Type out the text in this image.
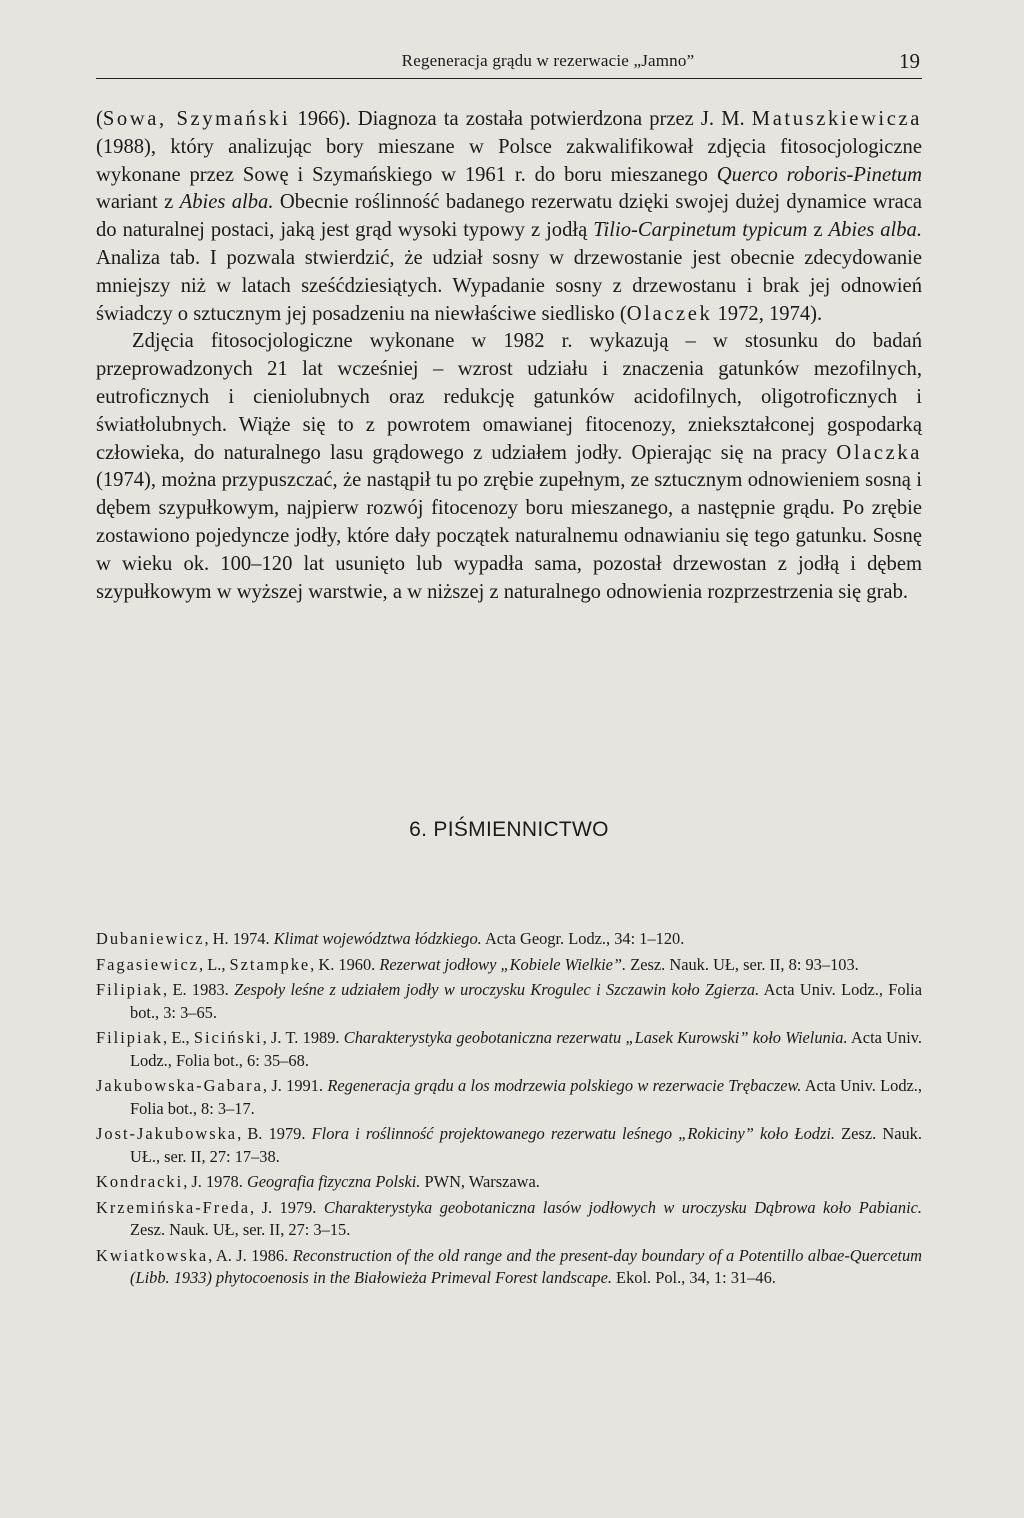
Regeneracja grądu w rezerwacie „Jamno”	19

(Sowa, Szymański 1966). Diagnoza ta została potwierdzona przez J. M. Matuszkiewicza (1988), który analizując bory mieszane w Polsce zakwalifikował zdjęcia fitosocjologiczne wykonane przez Sowę i Szymańskiego w 1961 r. do boru mieszanego Querco roboris-Pinetum wariant z Abies alba. Obecnie roślinność badanego rezerwatu dzięki swojej dużej dynamice wraca do naturalnej postaci, jaką jest grąd wysoki typowy z jodłą Tilio-Carpinetum typicum z Abies alba. Analiza tab. I pozwala stwierdzić, że udział sosny w drzewostanie jest obecnie zdecydowanie mniejszy niż w latach sześćdziesiątych. Wypadanie sosny z drzewostanu i brak jej odnowień świadczy o sztucznym jej posadzeniu na niewłaściwe siedlisko (Olaczek 1972, 1974).

Zdjęcia fitosocjologiczne wykonane w 1982 r. wykazują – w stosunku do badań przeprowadzonych 21 lat wcześniej – wzrost udziału i znaczenia gatunków mezofilnych, eutroficznych i cieniolubnych oraz redukcję gatunków acidofilnych, oligotroficznych i światłolubnych. Wiąże się to z powrotem omawianej fitocenozy, zniekształconej gospodarką człowieka, do naturalnego lasu grądowego z udziałem jodły. Opierając się na pracy Olaczka (1974), można przypuszczać, że nastąpił tu po zrębie zupełnym, ze sztucznym odnowieniem sosną i dębem szypułkowym, najpierw rozwój fitocenozy boru mieszanego, a następnie grądu. Po zrębie zostawiono pojedyncze jodły, które dały początek naturalnemu odnawianiu się tego gatunku. Sosnę w wieku ok. 100–120 lat usunięto lub wypadła sama, pozostał drzewostan z jodłą i dębem szypułkowym w wyższej warstwie, a w niższej z naturalnego odnowienia rozprzestrzenia się grab.

6. PIŚMIENNICTWO

Dubaniewicz, H. 1974. Klimat województwa łódzkiego. Acta Geogr. Lodz., 34: 1–120.

Fagasiewicz, L., Sztampke, K. 1960. Rezerwat jodłowy „Kobiele Wielkie”. Zesz. Nauk. UŁ, ser. II, 8: 93–103.

Filipiak, E. 1983. Zespoły leśne z udziałem jodły w uroczysku Krogulec i Szczawin koło Zgierza. Acta Univ. Lodz., Folia bot., 3: 3–65.

Filipiak, E., Siciński, J. T. 1989. Charakterystyka geobotaniczna rezerwatu „Lasek Kurowski” koło Wielunia. Acta Univ. Lodz., Folia bot., 6: 35–68.

Jakubowska-Gabara, J. 1991. Regeneracja grądu a los modrzewia polskiego w rezerwacie Trębaczew. Acta Univ. Lodz., Folia bot., 8: 3–17.

Jost-Jakubowska, B. 1979. Flora i roślinność projektowanego rezerwatu leśnego „Rokiciny” koło Łodzi. Zesz. Nauk. UŁ., ser. II, 27: 17–38.

Kondracki, J. 1978. Geografia fizyczna Polski. PWN, Warszawa.

Krzemińska-Freda, J. 1979. Charakterystyka geobotaniczna lasów jodłowych w uroczysku Dąbrowa koło Pabianic. Zesz. Nauk. UŁ, ser. II, 27: 3–15.

Kwiatkowska, A. J. 1986. Reconstruction of the old range and the present-day boundary of a Potentillo albae-Quercetum (Libb. 1933) phytocoenosis in the Białowieża Primeval Forest landscape. Ekol. Pol., 34, 1: 31–46.
